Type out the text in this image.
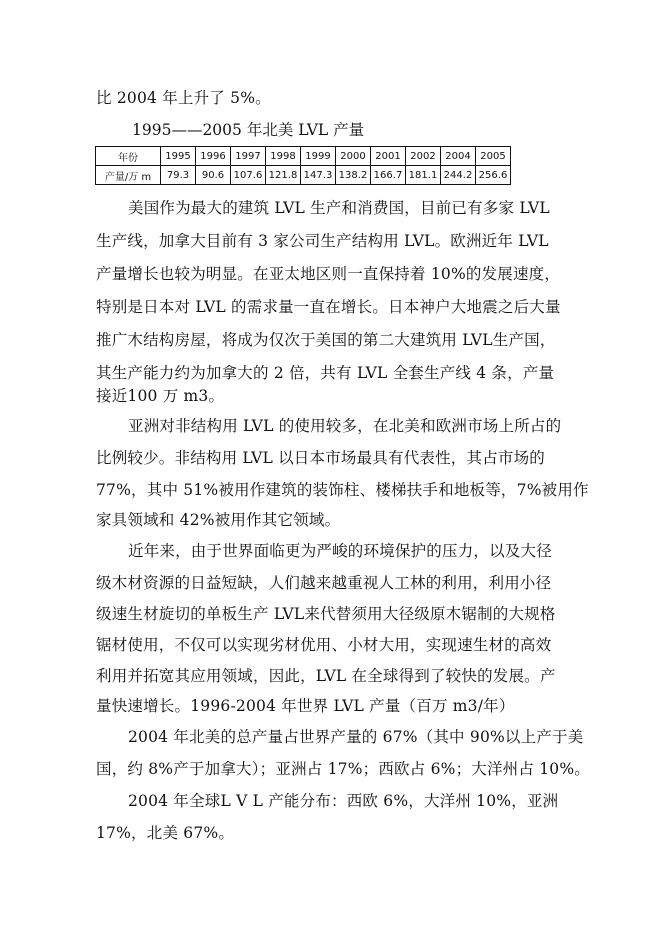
比 2004 年上升了 5%。
1995——2005 年北美 LVL 产量
年份	1995	1996	1997	1998	1999	2000	2001	2002	2004	2005
产量/万 m	79.3	90.6	107.6	121.8	147.3	138.2	166.7	181.1	244.2	256.6
美国作为最大的建筑 LVL 生产和消费国，目前已有多家 LVL
生产线，加拿大目前有 3 家公司生产结构用 LVL。欧洲近年 LVL
产量增长也较为明显。在亚太地区则一直保持着 10%的发展速度，
特别是日本对 LVL 的需求量一直在增长。日本神户大地震之后大量
推广木结构房屋，将成为仅次于美国的第二大建筑用 LVL生产国，
其生产能力约为加拿大的 2 倍，共有 LVL 全套生产线 4 条，产量
接近100 万 m3。
亚洲对非结构用 LVL 的使用较多，在北美和欧洲市场上所占的
比例较少。非结构用 LVL 以日本市场最具有代表性，其占市场的
77%，其中 51%被用作建筑的装饰柱、楼梯扶手和地板等，7%被用作
家具领域和 42%被用作其它领域。
近年来，由于世界面临更为严峻的环境保护的压力，以及大径
级木材资源的日益短缺，人们越来越重视人工林的利用，利用小径
级速生材旋切的单板生产 LVL来代替须用大径级原木锯制的大规格
锯材使用，不仅可以实现劣材优用、小材大用，实现速生材的高效
利用并拓宽其应用领域，因此，LVL 在全球得到了较快的发展。产
量快速增长。1996-2004 年世界 LVL 产量（百万 m3/年）
2004 年北美的总产量占世界产量的 67%（其中 90%以上产于美
国，约 8%产于加拿大）；亚洲占 17%；西欧占 6%；大洋州占 10%。
2004 年全球L V L 产能分布：西欧 6%，大洋州 10%，亚洲
17%，北美 67%。
